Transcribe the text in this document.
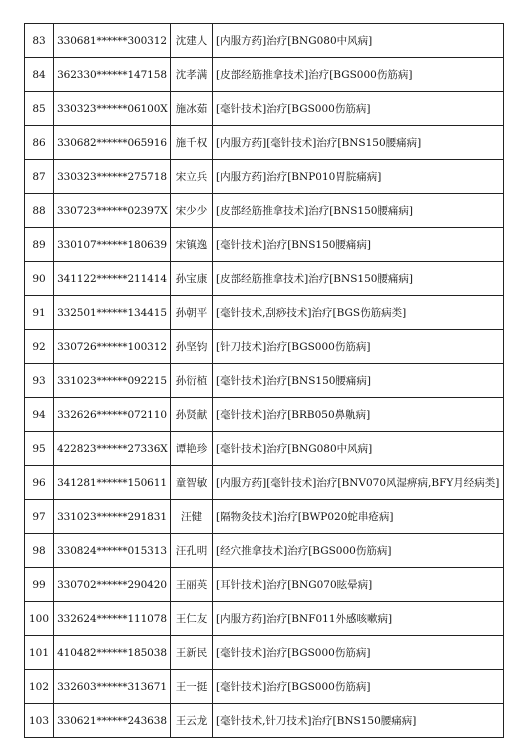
83	330681******300312	沈建人	[内服方药]治疗[BNG080中风病]
84	362330******147158	沈孝满	[皮部经筋推拿技术]治疗[BGS000伤筋病]
85	330323******06100X	施冰茹	[毫针技术]治疗[BGS000伤筋病]
86	330682******065916	施千权	[内服方药][毫针技术]治疗[BNS150腰痛病]
87	330323******275718	宋立兵	[内服方药]治疗[BNP010胃脘痛病]
88	330723******02397X	宋少少	[皮部经筋推拿技术]治疗[BNS150腰痛病]
89	330107******180639	宋镇逸	[毫针技术]治疗[BNS150腰痛病]
90	341122******211414	孙宝康	[皮部经筋推拿技术]治疗[BNS150腰痛病]
91	332501******134415	孙朝平	[毫针技术,刮痧技术]治疗[BGS伤筋病类]
92	330726******100312	孙坚钧	[针刀技术]治疗[BGS000伤筋病]
93	331023******092215	孙衍植	[毫针技术]治疗[BNS150腰痛病]
94	332626******072110	孙贤献	[毫针技术]治疗[BRB050鼻鼽病]
95	422823******27336X	谭艳珍	[毫针技术]治疗[BNG080中风病]
96	341281******150611	童智敏	[内服方药][毫针技术]治疗[BNV070风湿痹病,BFY月经病类]
97	331023******291831	汪健	[隔物灸技术]治疗[BWP020蛇串疮病]
98	330824******015313	汪孔明	[经穴推拿技术]治疗[BGS000伤筋病]
99	330702******290420	王丽英	[耳针技术]治疗[BNG070眩晕病]
100	332624******111078	王仁友	[内服方药]治疗[BNF011外感咳嗽病]
101	410482******185038	王新民	[毫针技术]治疗[BGS000伤筋病]
102	332603******313671	王一挺	[毫针技术]治疗[BGS000伤筋病]
103	330621******243638	王云龙	[毫针技术,针刀技术]治疗[BNS150腰痛病]
